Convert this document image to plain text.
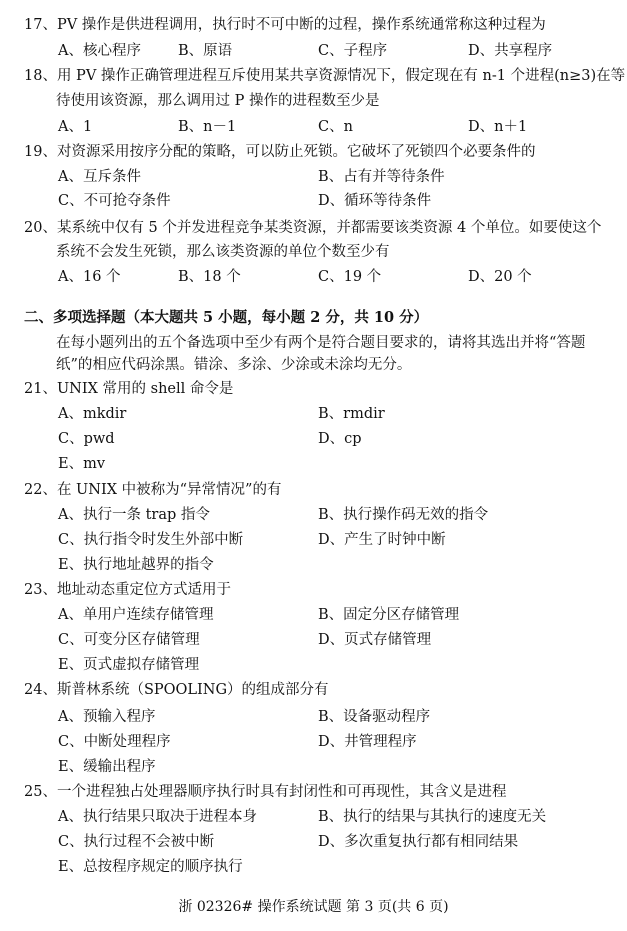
17、PV 操作是供进程调用，执行时不可中断的过程，操作系统通常称这种过程为
A、核心程序	B、原语	C、子程序	D、共享程序
18、用 PV 操作正确管理进程互斥使用某共享资源情况下，假定现在有 n-1 个进程(n≥3)在等
待使用该资源，那么调用过 P 操作的进程数至少是
A、1	B、n－1	C、n	D、n＋1
19、对资源采用按序分配的策略，可以防止死锁。它破坏了死锁四个必要条件的
A、互斥条件	B、占有并等待条件
C、不可抢夺条件	D、循环等待条件
20、某系统中仅有 5 个并发进程竞争某类资源，并都需要该类资源 4 个单位。如要使这个
系统不会发生死锁，那么该类资源的单位个数至少有
A、16 个	B、18 个	C、19 个	D、20 个
二、多项选择题（本大题共 5 小题，每小题 2 分，共 10 分）
在每小题列出的五个备选项中至少有两个是符合题目要求的，请将其选出并将“答题
纸”的相应代码涂黑。错涂、多涂、少涂或未涂均无分。
21、UNIX 常用的 shell 命令是
A、mkdir	B、rmdir
C、pwd	D、cp
E、mv
22、在 UNIX 中被称为“异常情况”的有
A、执行一条 trap 指令	B、执行操作码无效的指令
C、执行指令时发生外部中断	D、产生了时钟中断
E、执行地址越界的指令
23、地址动态重定位方式适用于
A、单用户连续存储管理	B、固定分区存储管理
C、可变分区存储管理	D、页式存储管理
E、页式虚拟存储管理
24、斯普林系统（SPOOLING）的组成部分有
A、预输入程序	B、设备驱动程序
C、中断处理程序	D、井管理程序
E、缓输出程序
25、一个进程独占处理器顺序执行时具有封闭性和可再现性，其含义是进程
A、执行结果只取决于进程本身	B、执行的结果与其执行的速度无关
C、执行过程不会被中断	D、多次重复执行都有相同结果
E、总按程序规定的顺序执行
浙 02326# 操作系统试题 第 3 页(共 6 页)
